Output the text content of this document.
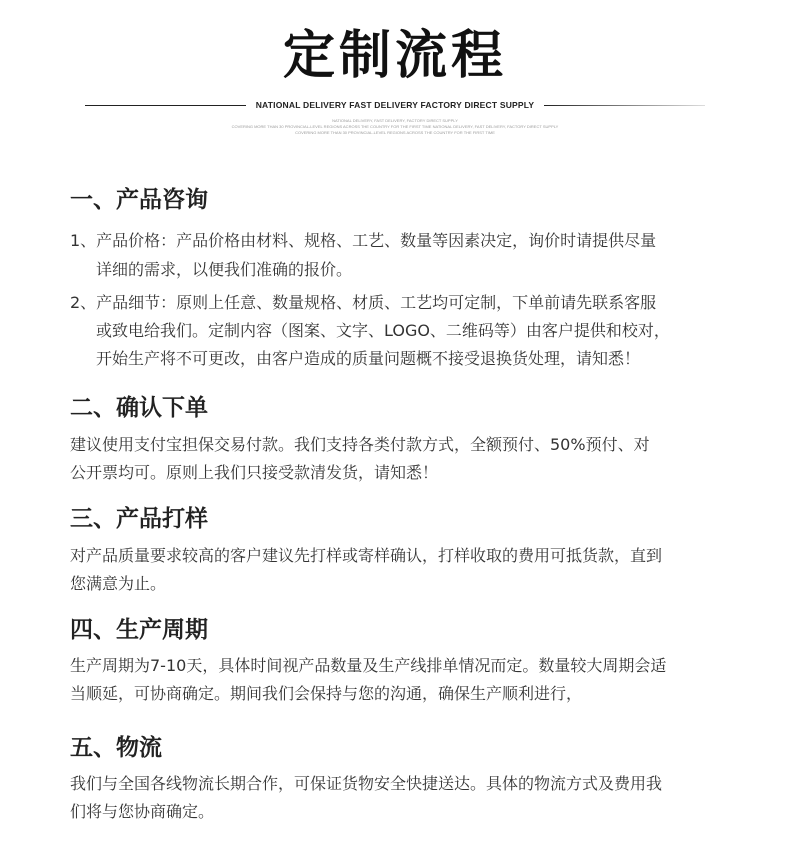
定制流程
NATIONAL DELIVERY FAST DELIVERY FACTORY DIRECT SUPPLY
NATIONAL DELIVERY, FAST DELIVERY, FACTORY DIRECT SUPPLY
COVERING MORE THAN 30 PROVINCIAL-LEVEL REGIONS ACROSS THE COUNTRY FOR THE FIRST TIME NATIONAL DELIVERY, FAST DELIVERY, FACTORY DIRECT SUPPLY
COVERING MORE THAN 30 PROVINCIAL-LEVEL REGIONS ACROSS THE COUNTRY FOR THE FIRST TIME
一、产品咨询
1、产品价格：产品价格由材料、规格、工艺、数量等因素决定，询价时请提供尽量
详细的需求，以便我们准确的报价。
2、产品细节：原则上任意、数量规格、材质、工艺均可定制，下单前请先联系客服
或致电给我们。定制内容（图案、文字、LOGO、二维码等）由客户提供和校对，
开始生产将不可更改，由客户造成的质量问题概不接受退换货处理，请知悉！
二、确认下单
建议使用支付宝担保交易付款。我们支持各类付款方式，全额预付、50%预付、对
公开票均可。原则上我们只接受款清发货，请知悉！
三、产品打样
对产品质量要求较高的客户建议先打样或寄样确认，打样收取的费用可抵货款，直到
您满意为止。
四、生产周期
生产周期为7-10天，具体时间视产品数量及生产线排单情况而定。数量较大周期会适
当顺延，可协商确定。期间我们会保持与您的沟通，确保生产顺利进行，
五、物流
我们与全国各线物流长期合作，可保证货物安全快捷送达。具体的物流方式及费用我
们将与您协商确定。
